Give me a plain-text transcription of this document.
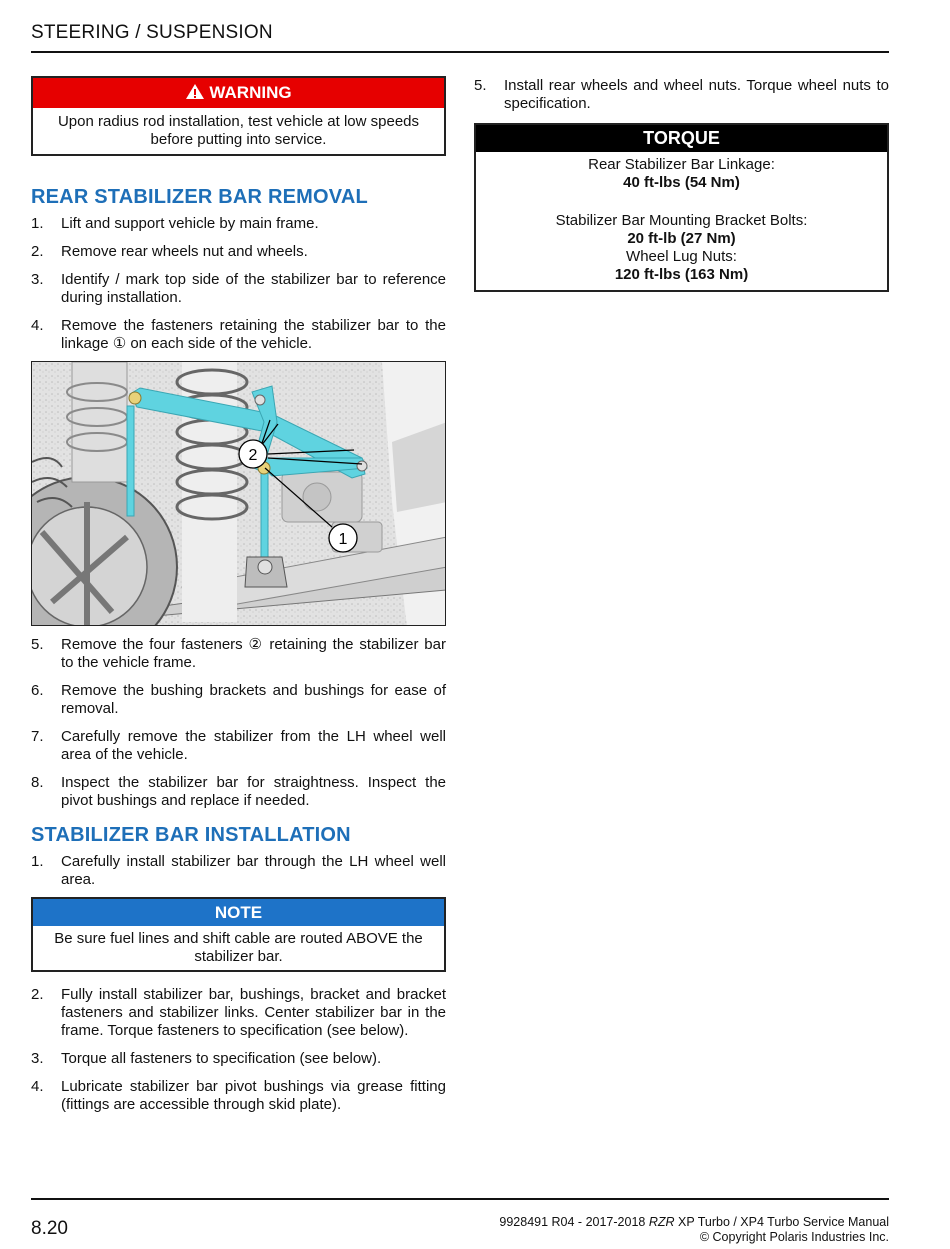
STEERING / SUSPENSION
WARNING
Upon radius rod installation, test vehicle at low speeds before putting into service.
REAR STABILIZER BAR REMOVAL
1.	Lift and support vehicle by main frame.
2.	Remove rear wheels nut and wheels.
3.	Identify / mark top side of the stabilizer bar to reference during installation.
4.	Remove the fasteners retaining the stabilizer bar to the linkage ① on each side of the vehicle.
2
1
5.	Remove the four fasteners ② retaining the stabilizer bar to the vehicle frame.
6.	Remove the bushing brackets and bushings for ease of removal.
7.	Carefully remove the stabilizer from the LH wheel well area of the vehicle.
8.	Inspect the stabilizer bar for straightness. Inspect the pivot bushings and replace if needed.
STABILIZER BAR INSTALLATION
1.	Carefully install stabilizer bar through the LH wheel well area.
NOTE
Be sure fuel lines and shift cable are routed ABOVE the stabilizer bar.
2.	Fully install stabilizer bar, bushings, bracket and bracket fasteners and stabilizer links. Center stabilizer bar in the frame. Torque fasteners to specification (see below).
3.	Torque all fasteners to specification (see below).
4.	Lubricate stabilizer bar pivot bushings via grease fitting (fittings are accessible through skid plate).
5.	Install rear wheels and wheel nuts. Torque wheel nuts to specification.
TORQUE
Rear Stabilizer Bar Linkage:
40 ft-lbs (54 Nm)
Stabilizer Bar Mounting Bracket Bolts:
20 ft-lb (27 Nm)
Wheel Lug Nuts:
120 ft-lbs (163 Nm)
8.20	9928491 R04 - 2017-2018 RZR XP Turbo / XP4 Turbo Service Manual
© Copyright Polaris Industries Inc.
